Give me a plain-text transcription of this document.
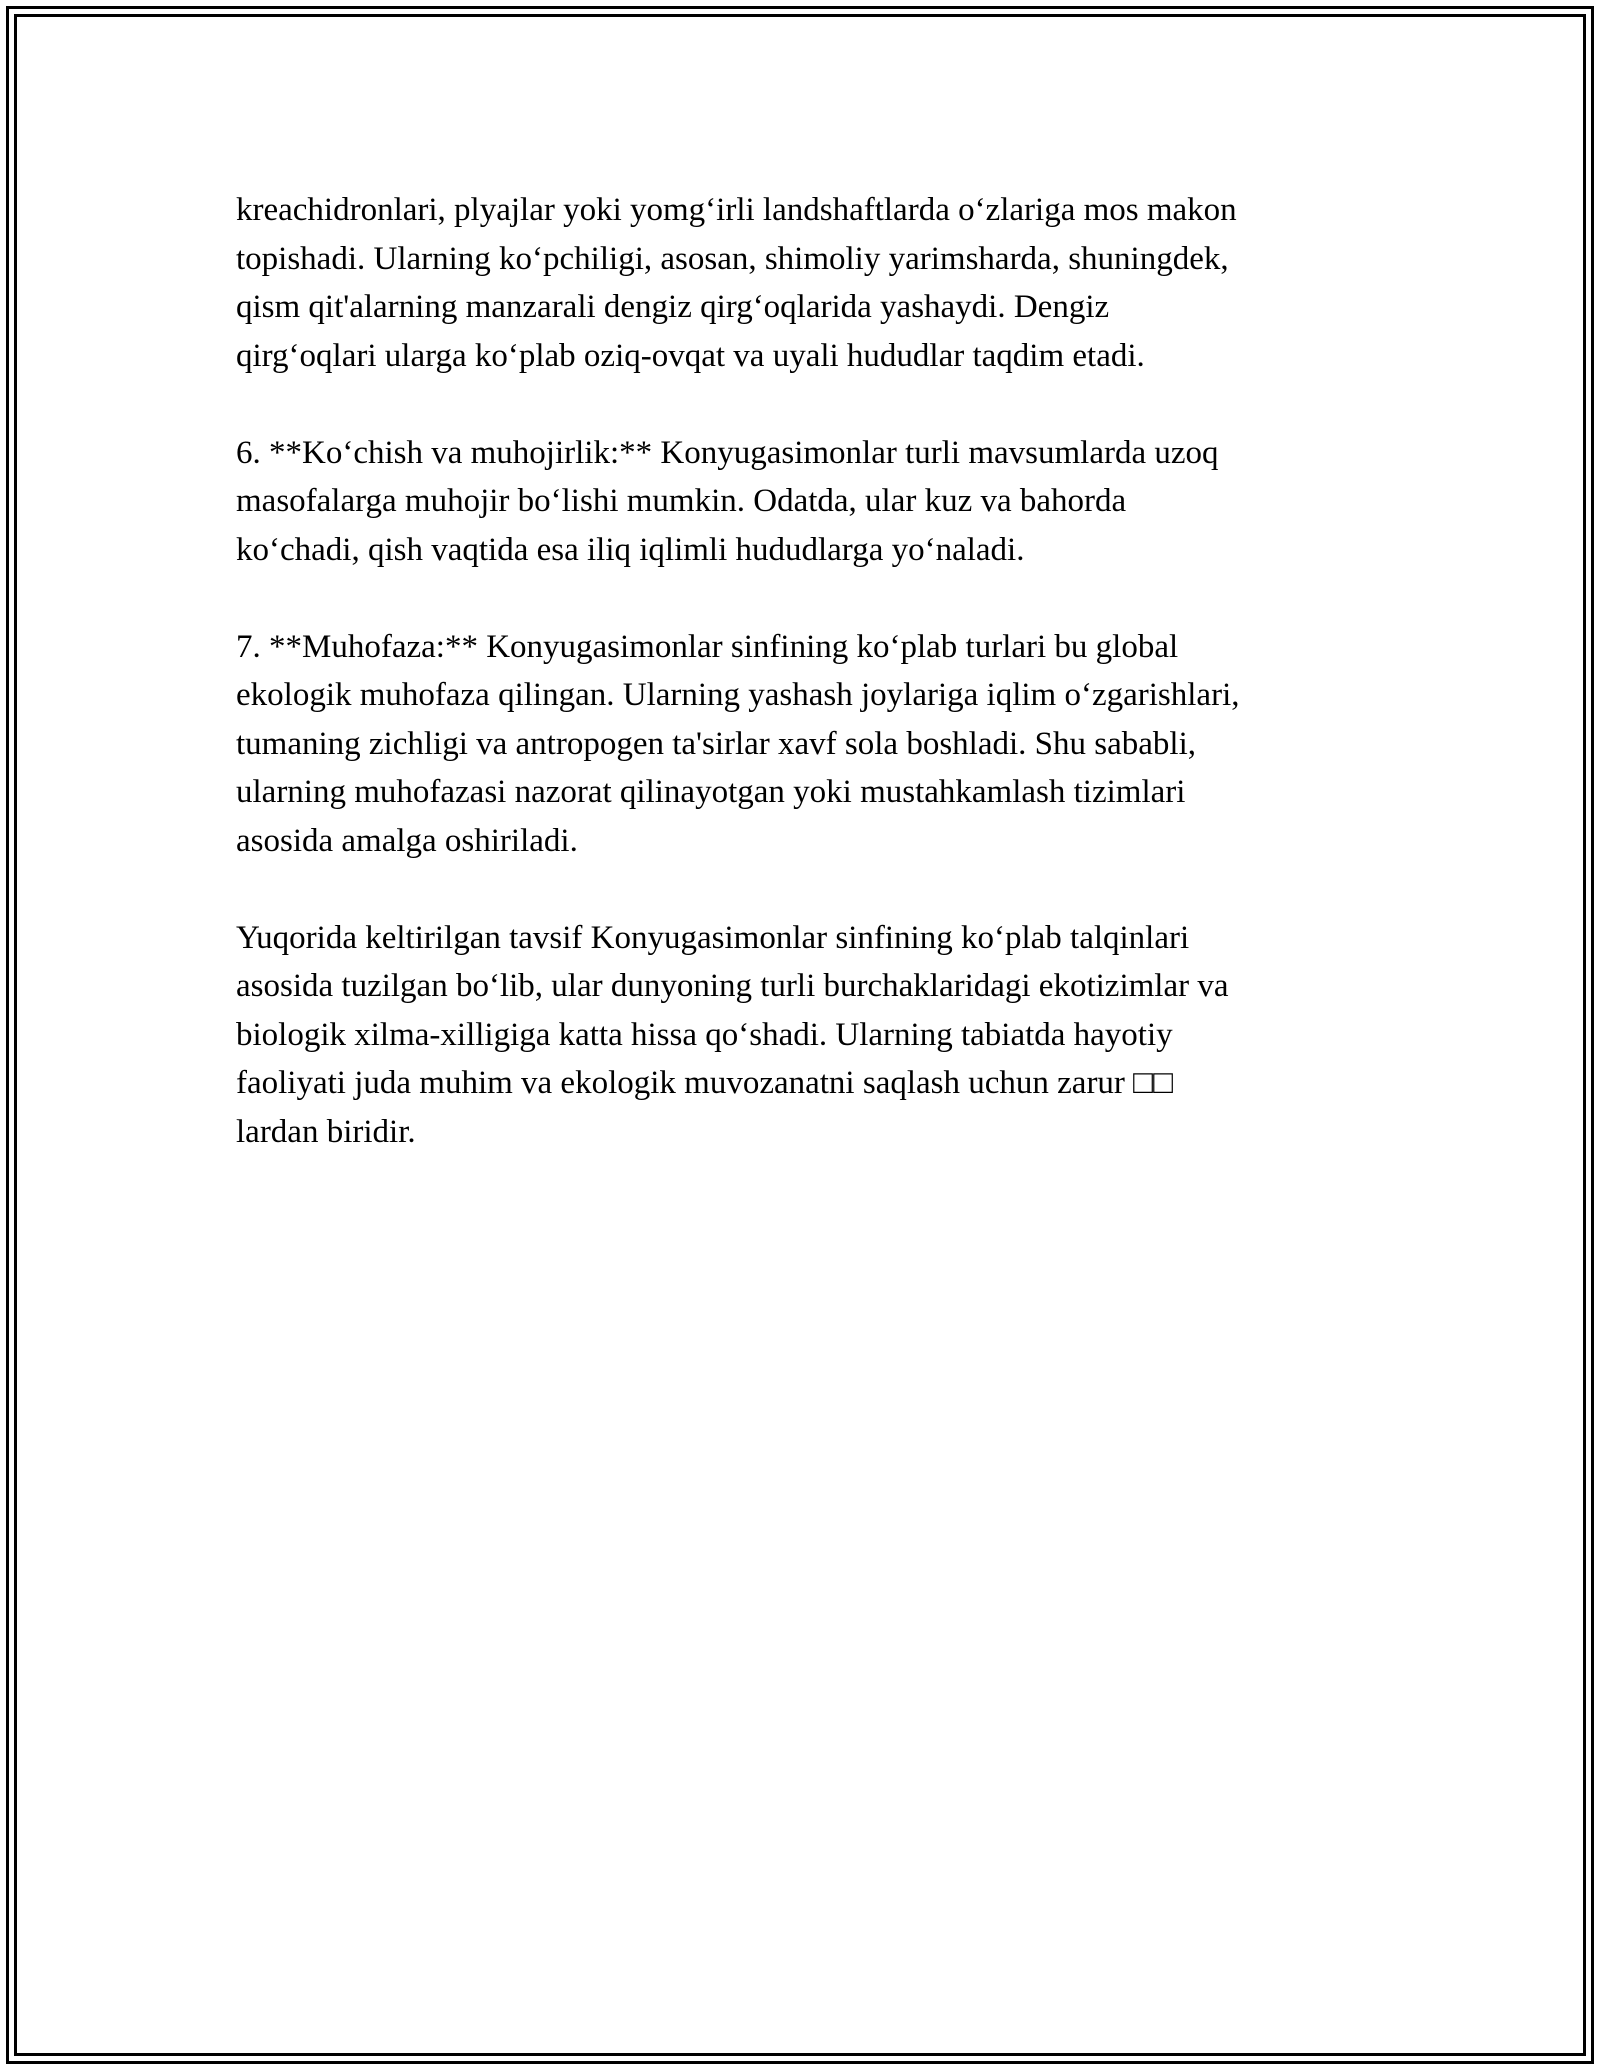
kreachidronlari, plyajlar yoki yomg‘irli landshaftlarda o‘zlariga mos makon
topishadi. Ularning ko‘pchiligi, asosan, shimoliy yarimsharda, shuningdek,
qism qit'alarning manzarali dengiz qirg‘oqlarida yashaydi. Dengiz
qirg‘oqlari ularga ko‘plab oziq-ovqat va uyali hududlar taqdim etadi.

6. **Ko‘chish va muhojirlik:** Konyugasimonlar turli mavsumlarda uzoq
masofalarga muhojir bo‘lishi mumkin. Odatda, ular kuz va bahorda
ko‘chadi, qish vaqtida esa iliq iqlimli hududlarga yo‘naladi.

7. **Muhofaza:** Konyugasimonlar sinfining ko‘plab turlari bu global
ekologik muhofaza qilingan. Ularning yashash joylariga iqlim o‘zgarishlari,
tumaning zichligi va antropogen ta'sirlar xavf sola boshladi. Shu sababli,
ularning muhofazasi nazorat qilinayotgan yoki mustahkamlash tizimlari
asosida amalga oshiriladi.

Yuqorida keltirilgan tavsif Konyugasimonlar sinfining ko‘plab talqinlari
asosida tuzilgan bo‘lib, ular dunyoning turli burchaklaridagi ekotizimlar va
biologik xilma-xilligiga katta hissa qo‘shadi. Ularning tabiatda hayotiy
faoliyati juda muhim va ekologik muvozanatni saqlash uchun zarur □□
lardan biridir.
